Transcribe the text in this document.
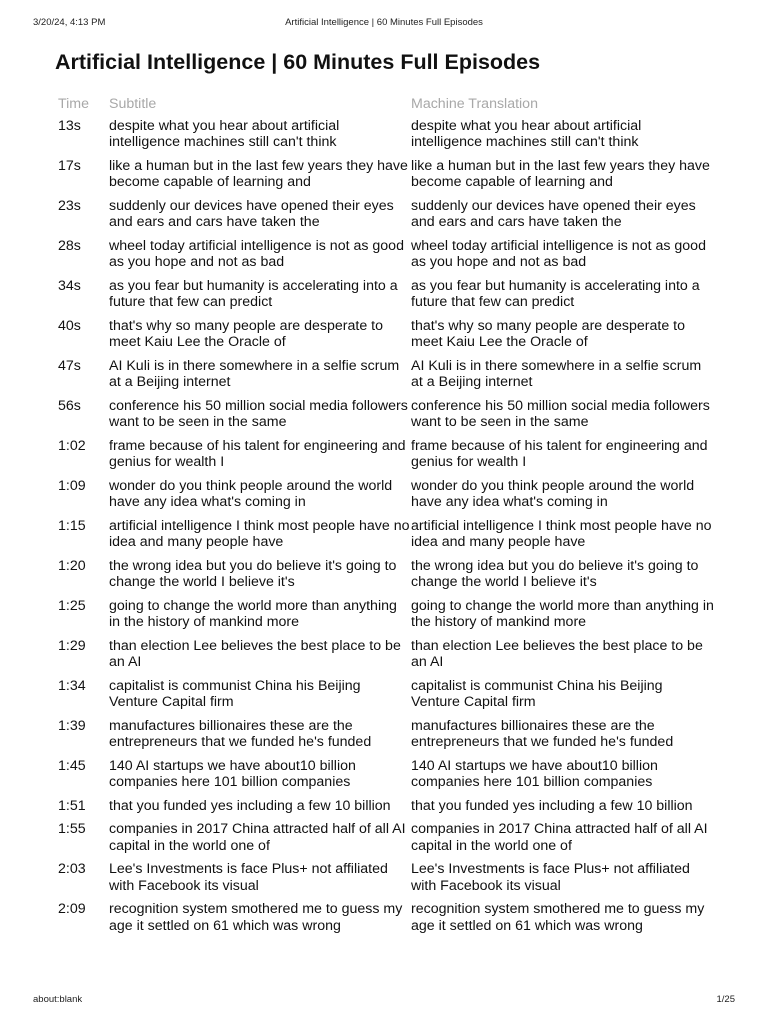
3/20/24, 4:13 PM	Artificial Intelligence | 60 Minutes Full Episodes
Artificial Intelligence | 60 Minutes Full Episodes
Time	Subtitle	Machine Translation
13s	despite what you hear about artificial intelligence machines still can't think	despite what you hear about artificial intelligence machines still can't think
17s	like a human but in the last few years they have become capable of learning and	like a human but in the last few years they have become capable of learning and
23s	suddenly our devices have opened their eyes and ears and cars have taken the	suddenly our devices have opened their eyes and ears and cars have taken the
28s	wheel today artificial intelligence is not as good as you hope and not as bad	wheel today artificial intelligence is not as good as you hope and not as bad
34s	as you fear but humanity is accelerating into a future that few can predict	as you fear but humanity is accelerating into a future that few can predict
40s	that's why so many people are desperate to meet Kaiu Lee the Oracle of	that's why so many people are desperate to meet Kaiu Lee the Oracle of
47s	AI Kuli is in there somewhere in a selfie scrum at a Beijing internet	AI Kuli is in there somewhere in a selfie scrum at a Beijing internet
56s	conference his 50 million social media followers want to be seen in the same	conference his 50 million social media followers want to be seen in the same
1:02	frame because of his talent for engineering and genius for wealth I	frame because of his talent for engineering and genius for wealth I
1:09	wonder do you think people around the world have any idea what's coming in	wonder do you think people around the world have any idea what's coming in
1:15	artificial intelligence I think most people have no idea and many people have	artificial intelligence I think most people have no idea and many people have
1:20	the wrong idea but you do believe it's going to change the world I believe it's	the wrong idea but you do believe it's going to change the world I believe it's
1:25	going to change the world more than anything in the history of mankind more	going to change the world more than anything in the history of mankind more
1:29	than election Lee believes the best place to be an AI	than election Lee believes the best place to be an AI
1:34	capitalist is communist China his Beijing Venture Capital firm	capitalist is communist China his Beijing Venture Capital firm
1:39	manufactures billionaires these are the entrepreneurs that we funded he's funded	manufactures billionaires these are the entrepreneurs that we funded he's funded
1:45	140 AI startups we have about10 billion companies here 101 billion companies	140 AI startups we have about10 billion companies here 101 billion companies
1:51	that you funded yes including a few 10 billion	that you funded yes including a few 10 billion
1:55	companies in 2017 China attracted half of all AI capital in the world one of	companies in 2017 China attracted half of all AI capital in the world one of
2:03	Lee's Investments is face Plus+ not affiliated with Facebook its visual	Lee's Investments is face Plus+ not affiliated with Facebook its visual
2:09	recognition system smothered me to guess my age it settled on 61 which was wrong	recognition system smothered me to guess my age it settled on 61 which was wrong
about:blank	1/25
